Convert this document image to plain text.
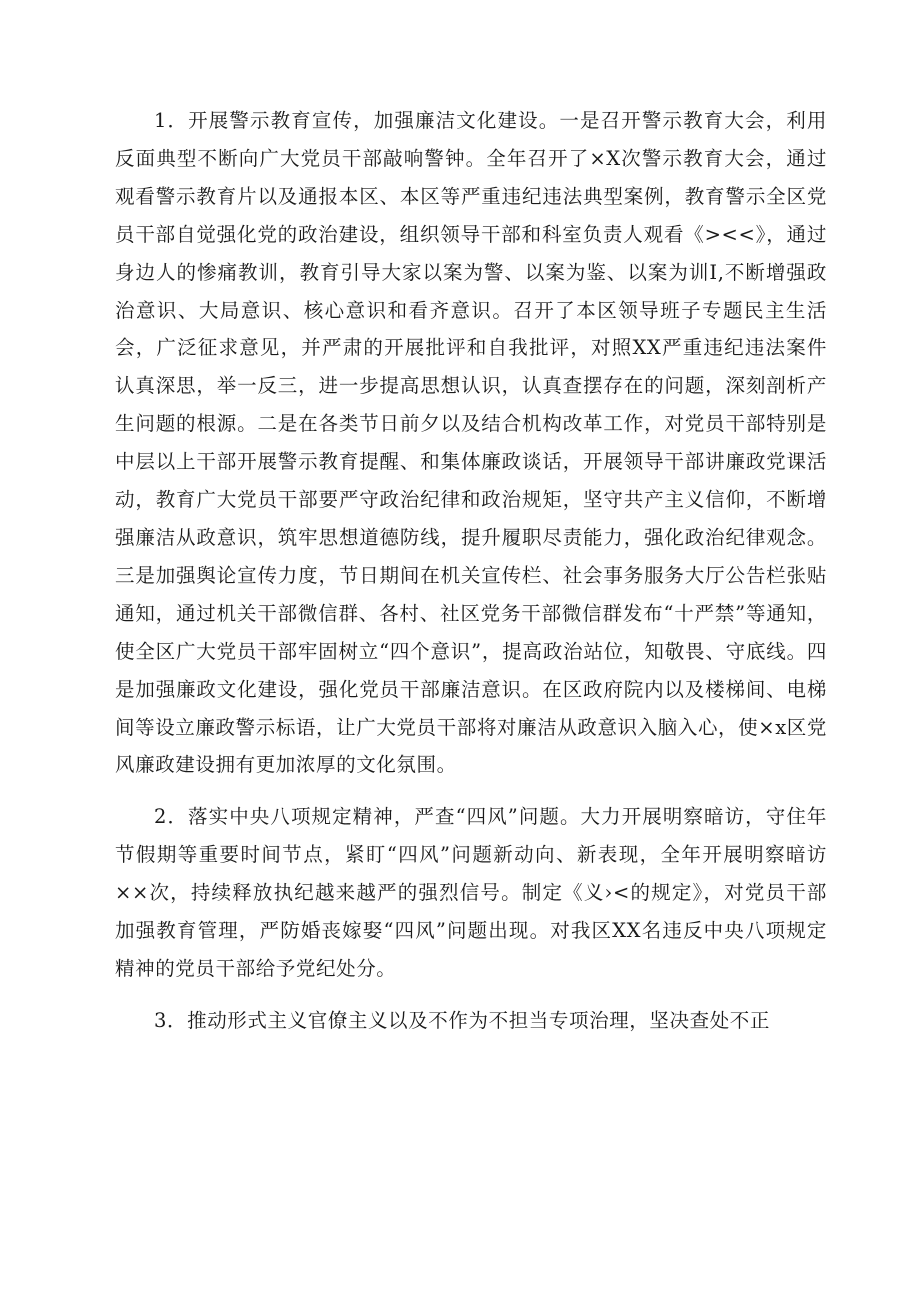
1．开展警示教育宣传，加强廉洁文化建设。一是召开警示教育大会，利用反面典型不断向广大党员干部敲响警钟。全年召开了×X次警示教育大会，通过观看警示教育片以及通报本区、本区等严重违纪违法典型案例，教育警示全区党员干部自觉强化党的政治建设，组织领导干部和科室负责人观看《><<》，通过身边人的惨痛教训，教育引导大家以案为警、以案为鉴、以案为训I,不断增强政治意识、大局意识、核心意识和看齐意识。召开了本区领导班子专题民主生活会，广泛征求意见，并严肃的开展批评和自我批评，对照XX严重违纪违法案件认真深思，举一反三，进一步提高思想认识，认真查摆存在的问题，深刻剖析产生问题的根源。二是在各类节日前夕以及结合机构改革工作，对党员干部特别是中层以上干部开展警示教育提醒、和集体廉政谈话，开展领导干部讲廉政党课活动，教育广大党员干部要严守政治纪律和政治规矩，坚守共产主义信仰，不断增强廉洁从政意识，筑牢思想道德防线，提升履职尽责能力，强化政治纪律观念。三是加强舆论宣传力度，节日期间在机关宣传栏、社会事务服务大厅公告栏张贴通知，通过机关干部微信群、各村、社区党务干部微信群发布“十严禁”等通知，使全区广大党员干部牢固树立“四个意识”，提高政治站位，知敬畏、守底线。四是加强廉政文化建设，强化党员干部廉洁意识。在区政府院内以及楼梯间、电梯间等设立廉政警示标语，让广大党员干部将对廉洁从政意识入脑入心，使×x区党风廉政建设拥有更加浓厚的文化氛围。

2．落实中央八项规定精神，严查“四风”问题。大力开展明察暗访，守住年节假期等重要时间节点，紧盯“四风”问题新动向、新表现，全年开展明察暗访××次，持续释放执纪越来越严的强烈信号。制定《义›<的规定》，对党员干部加强教育管理，严防婚丧嫁娶“四风”问题出现。对我区XX名违反中央八项规定精神的党员干部给予党纪处分。

3．推动形式主义官僚主义以及不作为不担当专项治理，坚决查处不正
